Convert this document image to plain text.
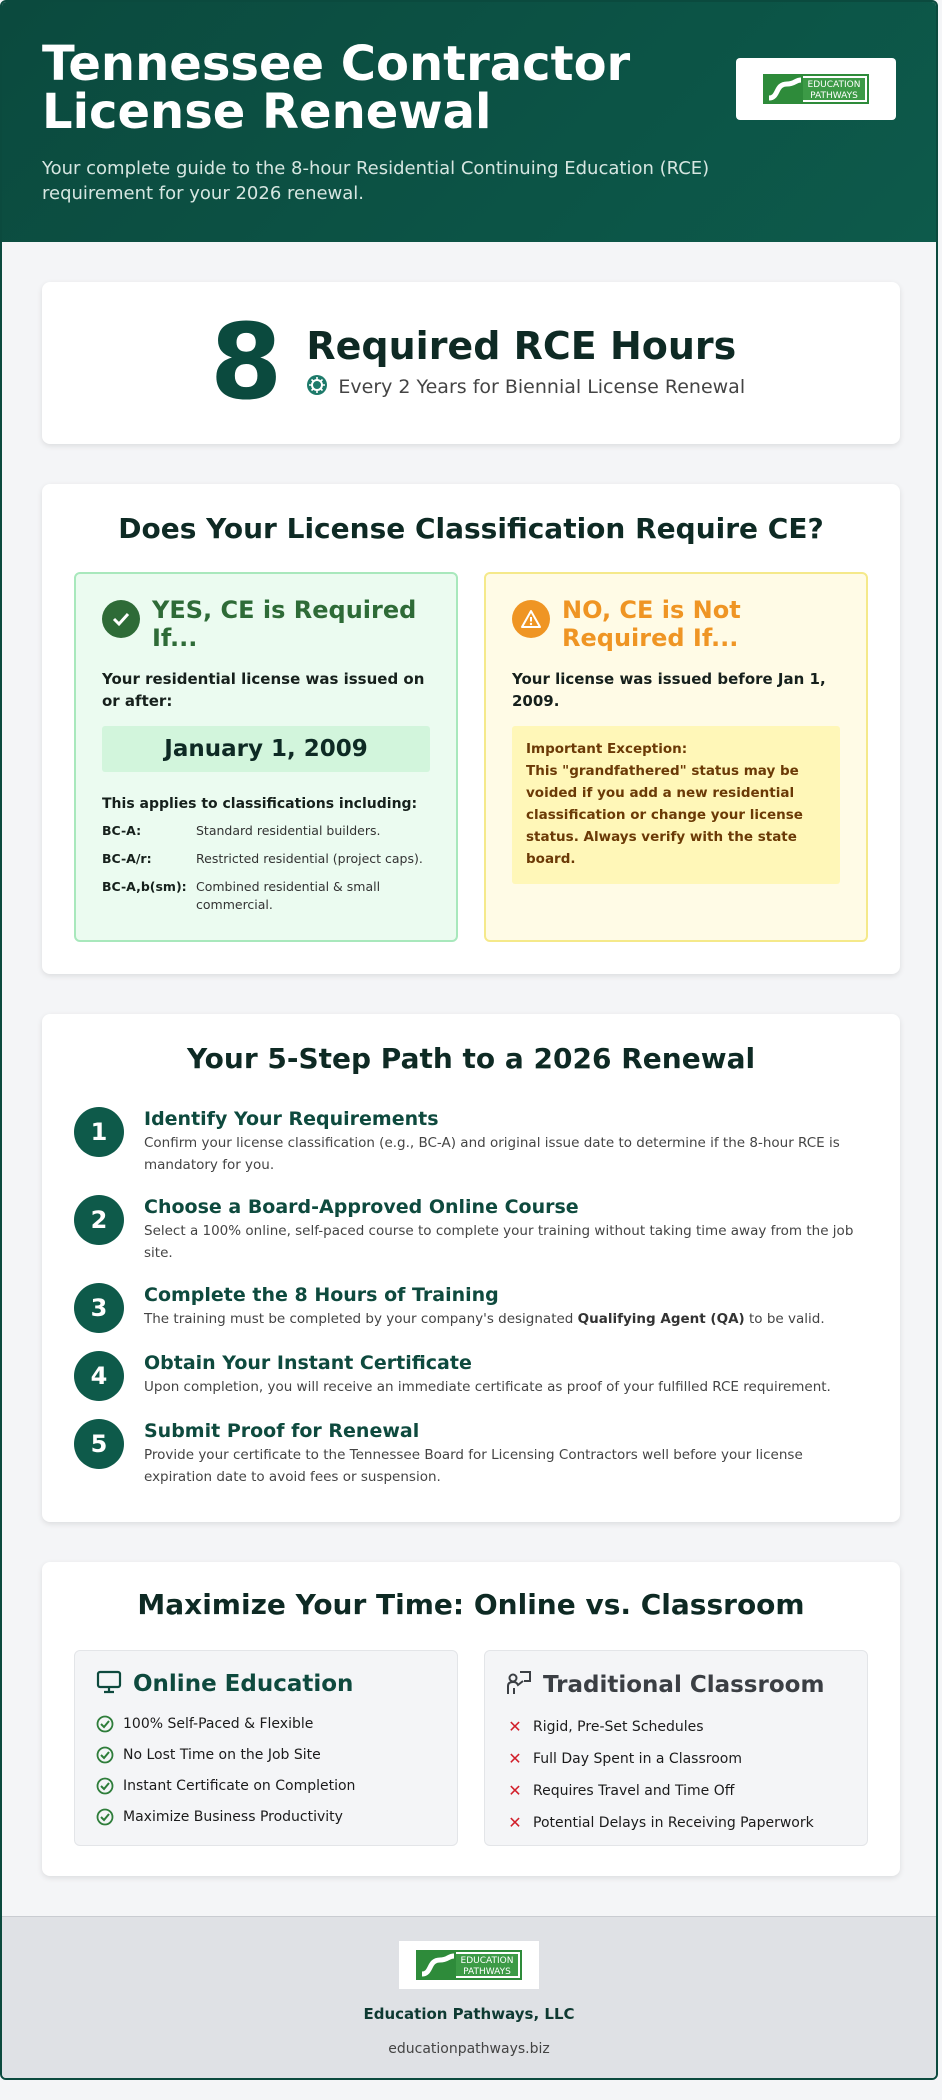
Tennessee Contractor License Renewal

Your complete guide to the 8-hour Residential Continuing Education (RCE) requirement for your 2026 renewal.

EDUCATION
PATHWAYS
8 Required RCE Hours
Every 2 Years for Biennial License Renewal
Does Your License Classification Require CE?
YES, CE is Required If...
Your residential license was issued on or after:
January 1, 2009
This applies to classifications including:
BC-A:	Standard residential builders.
BC-A/r:	Restricted residential (project caps).
BC-A,b(sm): Combined residential & small commercial.
NO, CE is Not Required If...
Your license was issued before Jan 1, 2009.
Important Exception:
This "grandfathered" status may be voided if you add a new residential classification or change your license status. Always verify with the state board.
Your 5-Step Path to a 2026 Renewal
1	Identify Your Requirements
Confirm your license classification (e.g., BC-A) and original issue date to determine if the 8-hour RCE is mandatory for you.
2	Choose a Board-Approved Online Course
Select a 100% online, self-paced course to complete your training without taking time away from the job site.
3	Complete the 8 Hours of Training
The training must be completed by your company's designated Qualifying Agent (QA) to be valid.
4	Obtain Your Instant Certificate
Upon completion, you will receive an immediate certificate as proof of your fulfilled RCE requirement.
5	Submit Proof for Renewal
Provide your certificate to the Tennessee Board for Licensing Contractors well before your license expiration date to avoid fees or suspension.
Maximize Your Time: Online vs. Classroom
Online Education
100% Self-Paced & Flexible
No Lost Time on the Job Site
Instant Certificate on Completion
Maximize Business Productivity
Traditional Classroom
✕ Rigid, Pre-Set Schedules
✕ Full Day Spent in a Classroom
✕ Requires Travel and Time Off
✕ Potential Delays in Receiving Paperwork
EDUCATION
PATHWAYS
Education Pathways, LLC
educationpathways.biz
